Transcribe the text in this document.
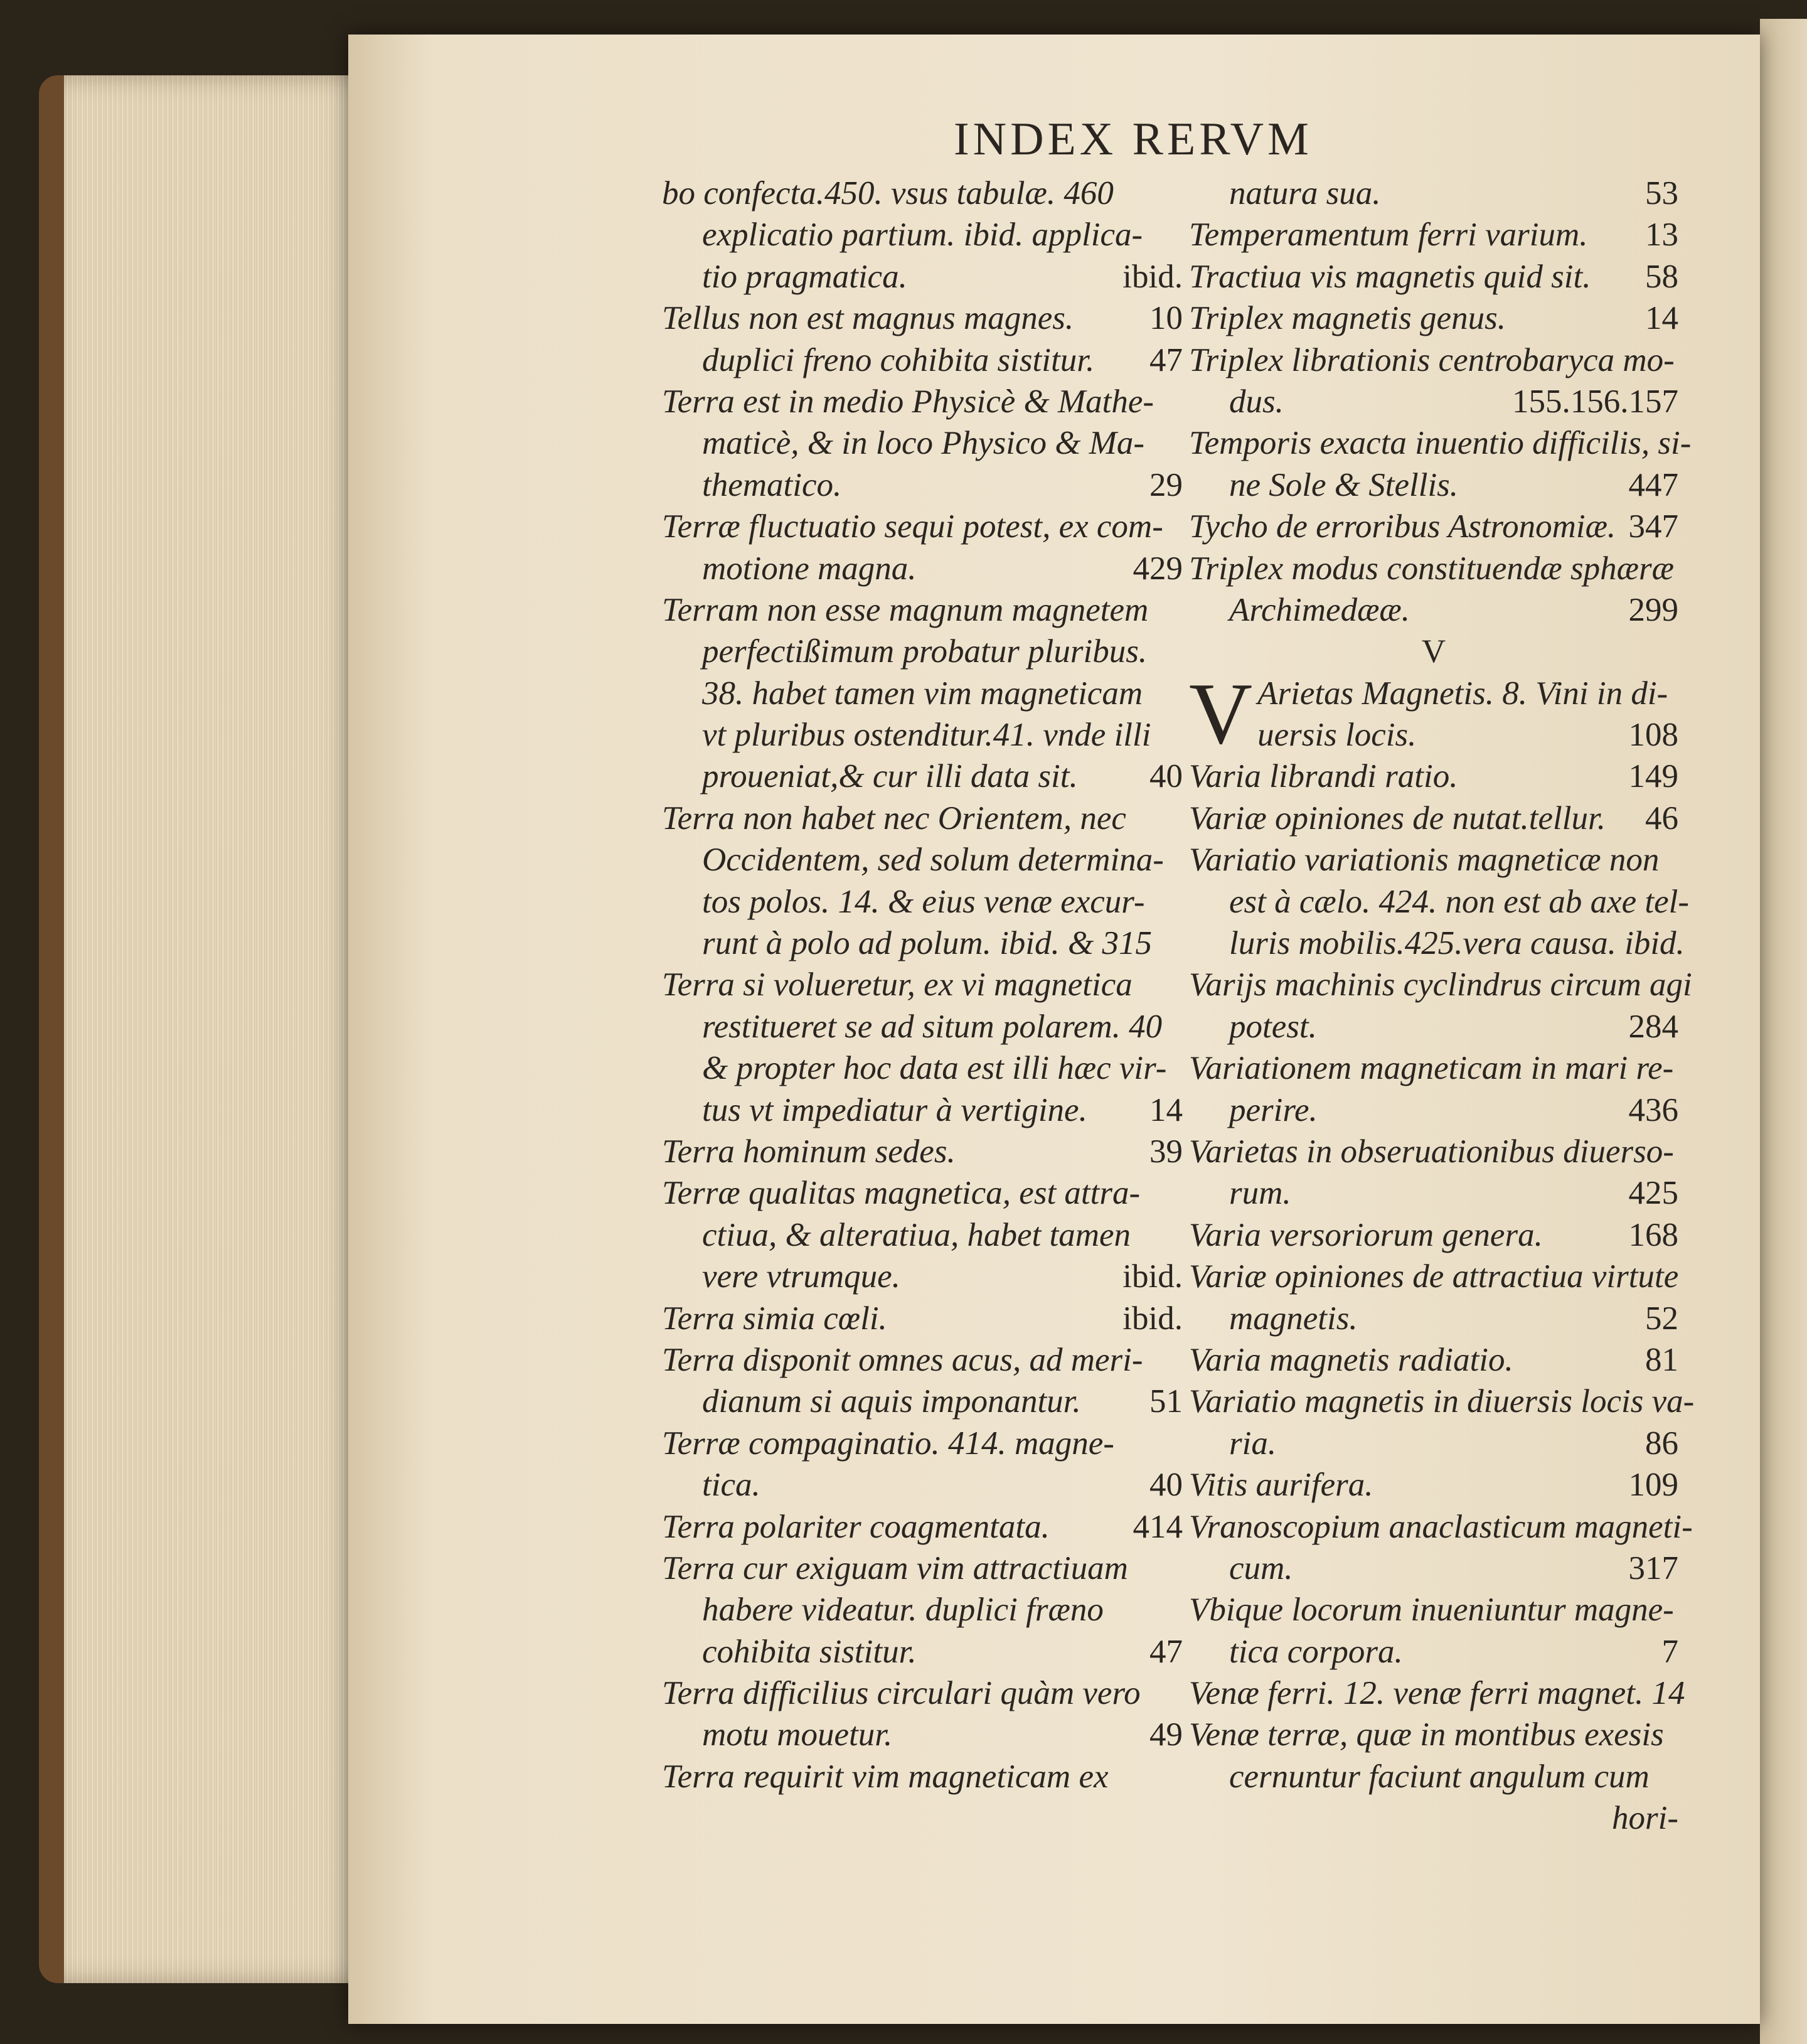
INDEX RERVM
bo confecta.450. vsus tabulæ. 460
explicatio partium. ibid. applica-
tio pragmatica.	ibid.
Tellus non est magnus magnes. 10
duplici freno cohibita sistitur. 47
Terra est in medio Physicè & Mathe-
maticè, & in loco Physico & Ma-
thematico.	29
Terræ fluctuatio sequi potest, ex com-
motione magna.	429
Terram non esse magnum magnetem
perfectißimum probatur pluribus.
38. habet tamen vim magneticam
vt pluribus ostenditur.41. vnde illi
proueniat,& cur illi data sit. 40
Terra non habet nec Orientem, nec
Occidentem, sed solum determina-
tos polos. 14. & eius venæ excur-
runt à polo ad polum. ibid. & 315
Terra si volueretur, ex vi magnetica
restitueret se ad situm polarem. 40
& propter hoc data est illi hæc vir-
tus vt impediatur à vertigine. 14
Terra hominum sedes.	39
Terræ qualitas magnetica, est attra-
ctiua, & alteratiua, habet tamen
vere vtrumque.	ibid.
Terra simia cœli.	ibid.
Terra disponit omnes acus, ad meri-
dianum si aquis imponantur. 51
Terræ compaginatio. 414. magne-
tica.	40
Terra polariter coagmentata.	414
Terra cur exiguam vim attractiuam
habere videatur. duplici fræno
cohibita sistitur.	47
Terra difficilius circulari quàm vero
motu mouetur.	49
Terra requirit vim magneticam ex
natura sua.	53
Temperamentum ferri varium. 13
Tractiua vis magnetis quid sit. 58
Triplex magnetis genus.	14
Triplex librationis centrobaryca mo-
dus.	155.156.157
Temporis exacta inuentio difficilis, si-
ne Sole & Stellis.	447
Tycho de erroribus Astronomiæ. 347
Triplex modus constituendæ sphæræ
Archimedææ.	299
V
V Arietas Magnetis. 8. Vini in di-
uersis locis.	108
Varia librandi ratio.	149
Variæ opiniones de nutat.tellur. 46
Variatio variationis magneticæ non
est à cælo. 424. non est ab axe tel-
luris mobilis.425.vera causa. ibid.
Varijs machinis cyclindrus circum agi
potest.	284
Variationem magneticam in mari re-
perire.	436
Varietas in obseruationibus diuerso-
rum.	425
Varia versoriorum genera.	168
Variæ opiniones de attractiua virtute
magnetis.	52
Varia magnetis radiatio.	81
Variatio magnetis in diuersis locis va-
ria.	86
Vitis aurifera.	109
Vranoscopium anaclasticum magneti-
cum.	317
Vbique locorum inueniuntur magne-
tica corpora.	7
Venæ ferri. 12. venæ ferri magnet. 14
Venæ terræ, quæ in montibus exesis
cernuntur faciunt angulum cum
hori-
